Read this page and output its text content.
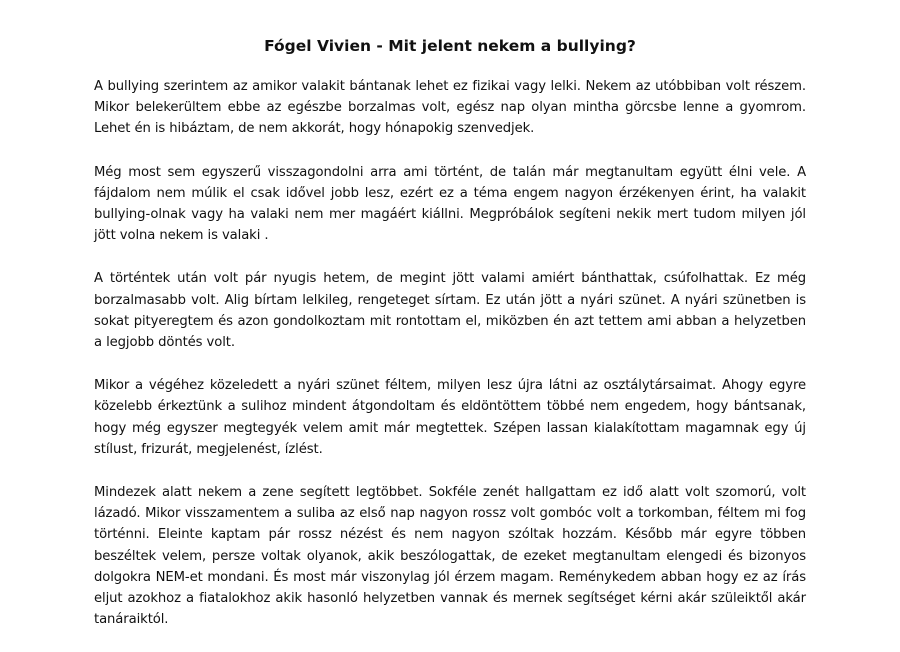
Fógel Vivien - Mit jelent nekem a bullying?

A bullying szerintem az amikor valakit bántanak lehet ez fizikai vagy lelki. Nekem az utóbbiban volt részem. Mikor belekerültem ebbe az egészbe borzalmas volt, egész nap olyan mintha görcsbe lenne a gyomrom. Lehet én is hibáztam, de nem akkorát, hogy hónapokig szenvedjek.

Még most sem egyszerű visszagondolni arra ami történt, de talán már megtanultam együtt élni vele. A fájdalom nem múlik el csak idővel jobb lesz, ezért ez a téma engem nagyon érzékenyen érint, ha valakit bullying-olnak vagy ha valaki nem mer magáért kiállni. Megpróbálok segíteni nekik mert tudom milyen jól jött volna nekem is valaki .

A történtek után volt pár nyugis hetem, de megint jött valami amiért bánthattak, csúfolhattak. Ez még borzalmasabb volt. Alig bírtam lelkileg, rengeteget sírtam. Ez után jött a nyári szünet. A nyári szünetben is sokat pityeregtem és azon gondolkoztam mit rontottam el, miközben én azt tettem ami abban a helyzetben a legjobb döntés volt.

Mikor a végéhez közeledett a nyári szünet féltem, milyen lesz újra látni az osztálytársaimat. Ahogy egyre közelebb érkeztünk a sulihoz mindent átgondoltam és eldöntöttem többé nem engedem, hogy bántsanak, hogy még egyszer megtegyék velem amit már megtettek. Szépen lassan kialakítottam magamnak egy új stílust, frizurát, megjelenést, ízlést.

Mindezek alatt nekem a zene segített legtöbbet. Sokféle zenét hallgattam ez idő alatt volt szomorú, volt lázadó. Mikor visszamentem a suliba az első nap nagyon rossz volt gombóc volt a torkomban, féltem mi fog történni. Eleinte kaptam pár rossz nézést és nem nagyon szóltak hozzám. Később már egyre többen beszéltek velem, persze voltak olyanok, akik beszólogattak, de ezeket megtanultam elengedi és bizonyos dolgokra NEM-et mondani. És most már viszonylag jól érzem magam. Reménykedem abban hogy ez az írás eljut azokhoz a fiatalokhoz akik hasonló helyzetben vannak és mernek segítséget kérni akár szüleiktől akár tanáraiktól.
